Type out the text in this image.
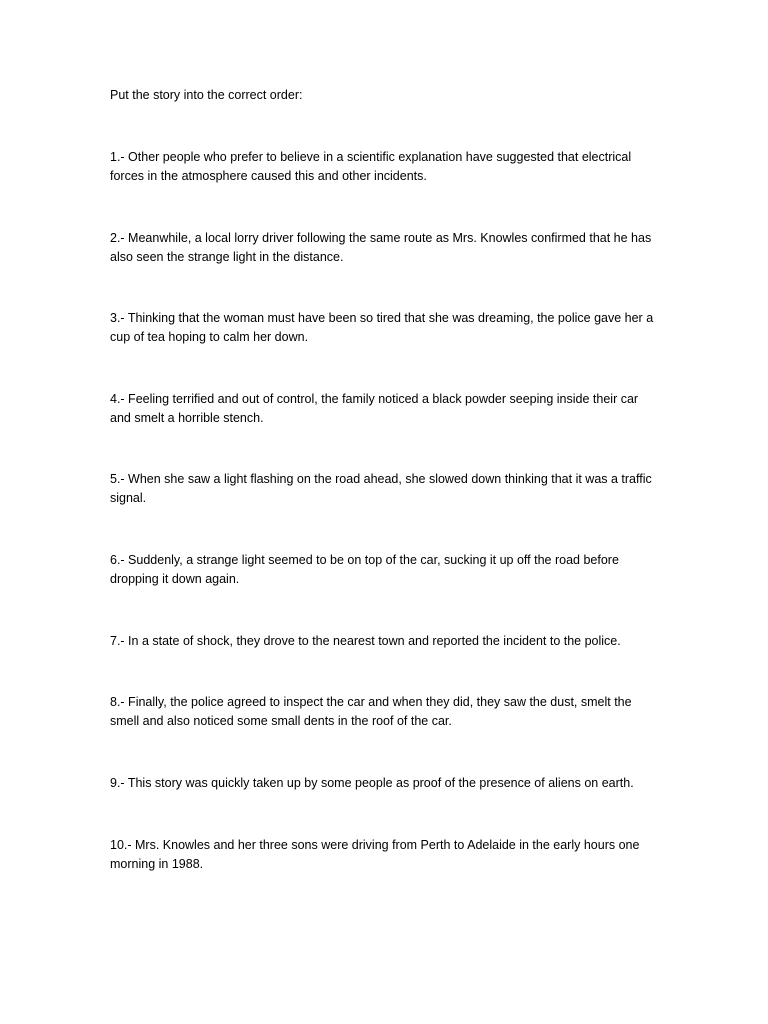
Put the story into the correct order:

1.- Other people who prefer to believe in a scientific explanation have suggested that electrical forces in the atmosphere caused this and other incidents.

2.- Meanwhile, a local lorry driver following the same route as Mrs. Knowles confirmed that he has also seen the strange light in the distance.

3.- Thinking that the woman must have been so tired that she was dreaming, the police gave her a cup of tea hoping to calm her down.

4.- Feeling terrified and out of control, the family noticed a black powder seeping inside their car and smelt a horrible stench.

5.- When she saw a light flashing on the road ahead, she slowed down thinking that it was a traffic signal.

6.- Suddenly, a strange light seemed to be on top of the car, sucking it up off the road before dropping it down again.

7.- In a state of shock, they drove to the nearest town and reported the incident to the police.

8.- Finally, the police agreed to inspect the car and when they did, they saw the dust, smelt the smell and also noticed some small dents in the roof of the car.

9.- This story was quickly taken up by some people as proof of the presence of aliens on earth.

10.- Mrs. Knowles and her three sons were driving from Perth to Adelaide in the early hours one morning in 1988.
